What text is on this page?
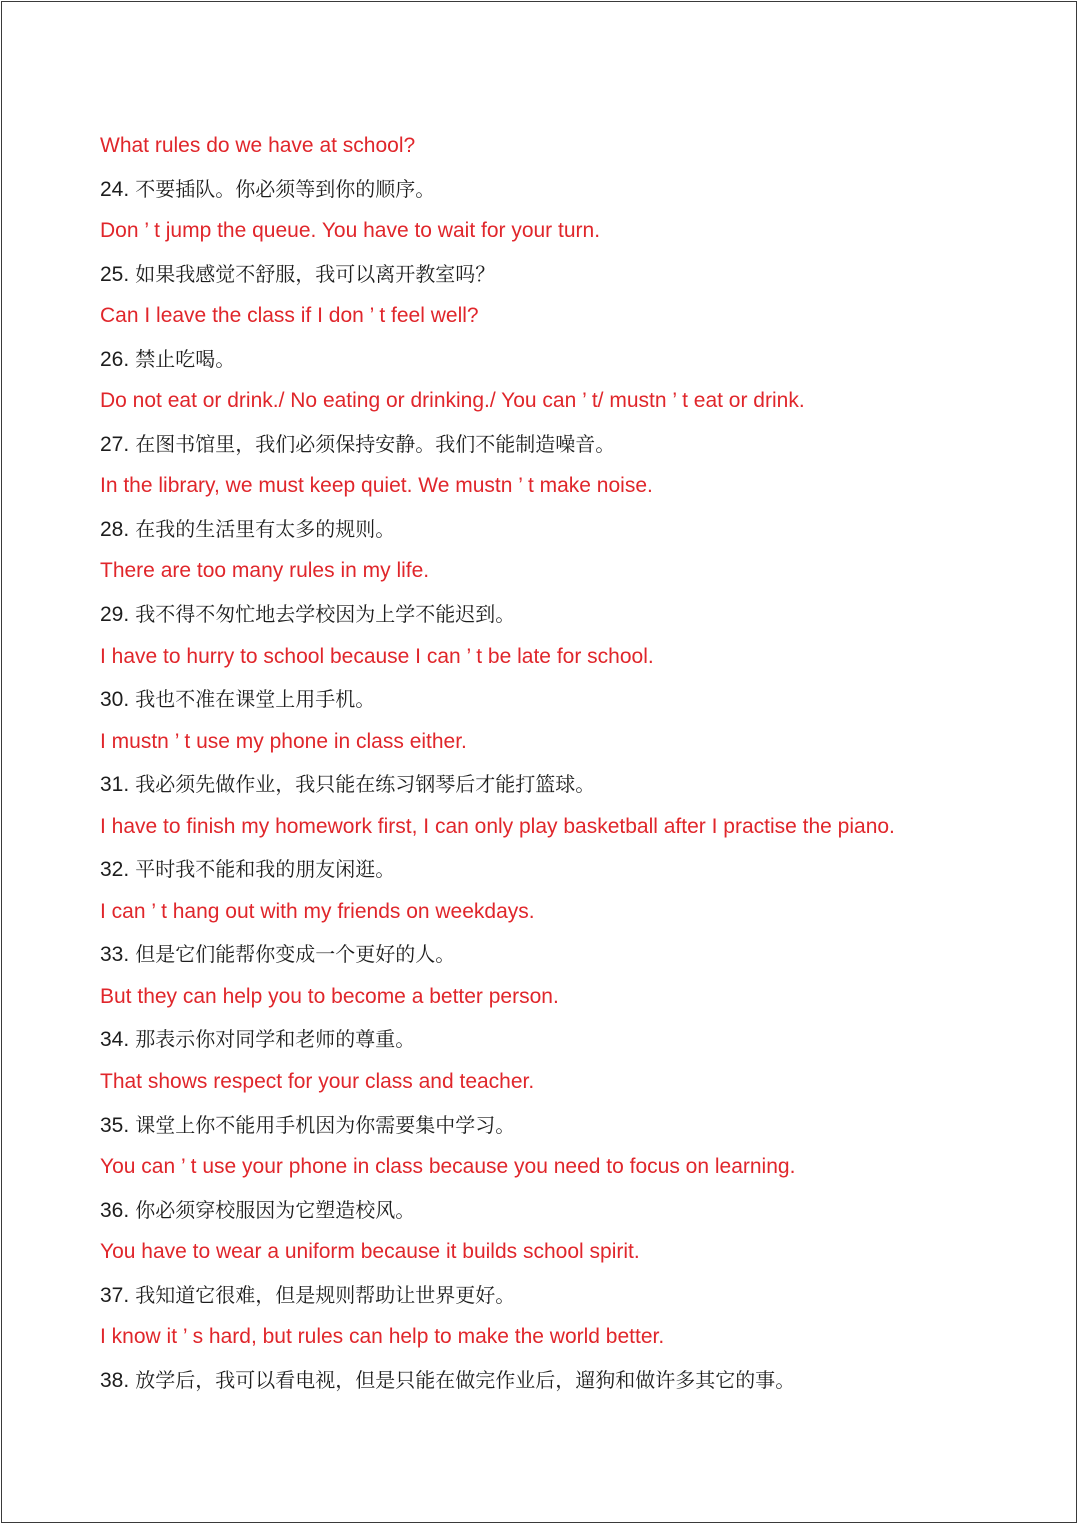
What rules do we have at school?
24. 不要插队。你必须等到你的顺序。
Don ’ t jump the queue. You have to wait for your turn.
25. 如果我感觉不舒服，我可以离开教室吗？
Can I leave the class if I don ’ t feel well?
26. 禁止吃喝。
Do not eat or drink./ No eating or drinking./ You can ’ t/ mustn ’ t eat or drink.
27. 在图书馆里，我们必须保持安静。我们不能制造噪音。
In the library, we must keep quiet. We mustn ’ t make noise.
28. 在我的生活里有太多的规则。
There are too many rules in my life.
29. 我不得不匆忙地去学校因为上学不能迟到。
I have to hurry to school because I can ’ t be late for school.
30. 我也不准在课堂上用手机。
I mustn ’ t use my phone in class either.
31. 我必须先做作业，我只能在练习钢琴后才能打篮球。
I have to finish my homework first, I can only play basketball after I practise the piano.
32. 平时我不能和我的朋友闲逛。
I can ’ t hang out with my friends on weekdays.
33. 但是它们能帮你变成一个更好的人。
But they can help you to become a better person.
34. 那表示你对同学和老师的尊重。
That shows respect for your class and teacher.
35. 课堂上你不能用手机因为你需要集中学习。
You can ’ t use your phone in class because you need to focus on learning.
36. 你必须穿校服因为它塑造校风。
You have to wear a uniform because it builds school spirit.
37. 我知道它很难，但是规则帮助让世界更好。
I know it ’ s hard, but rules can help to make the world better.
38. 放学后，我可以看电视，但是只能在做完作业后，遛狗和做许多其它的事。
